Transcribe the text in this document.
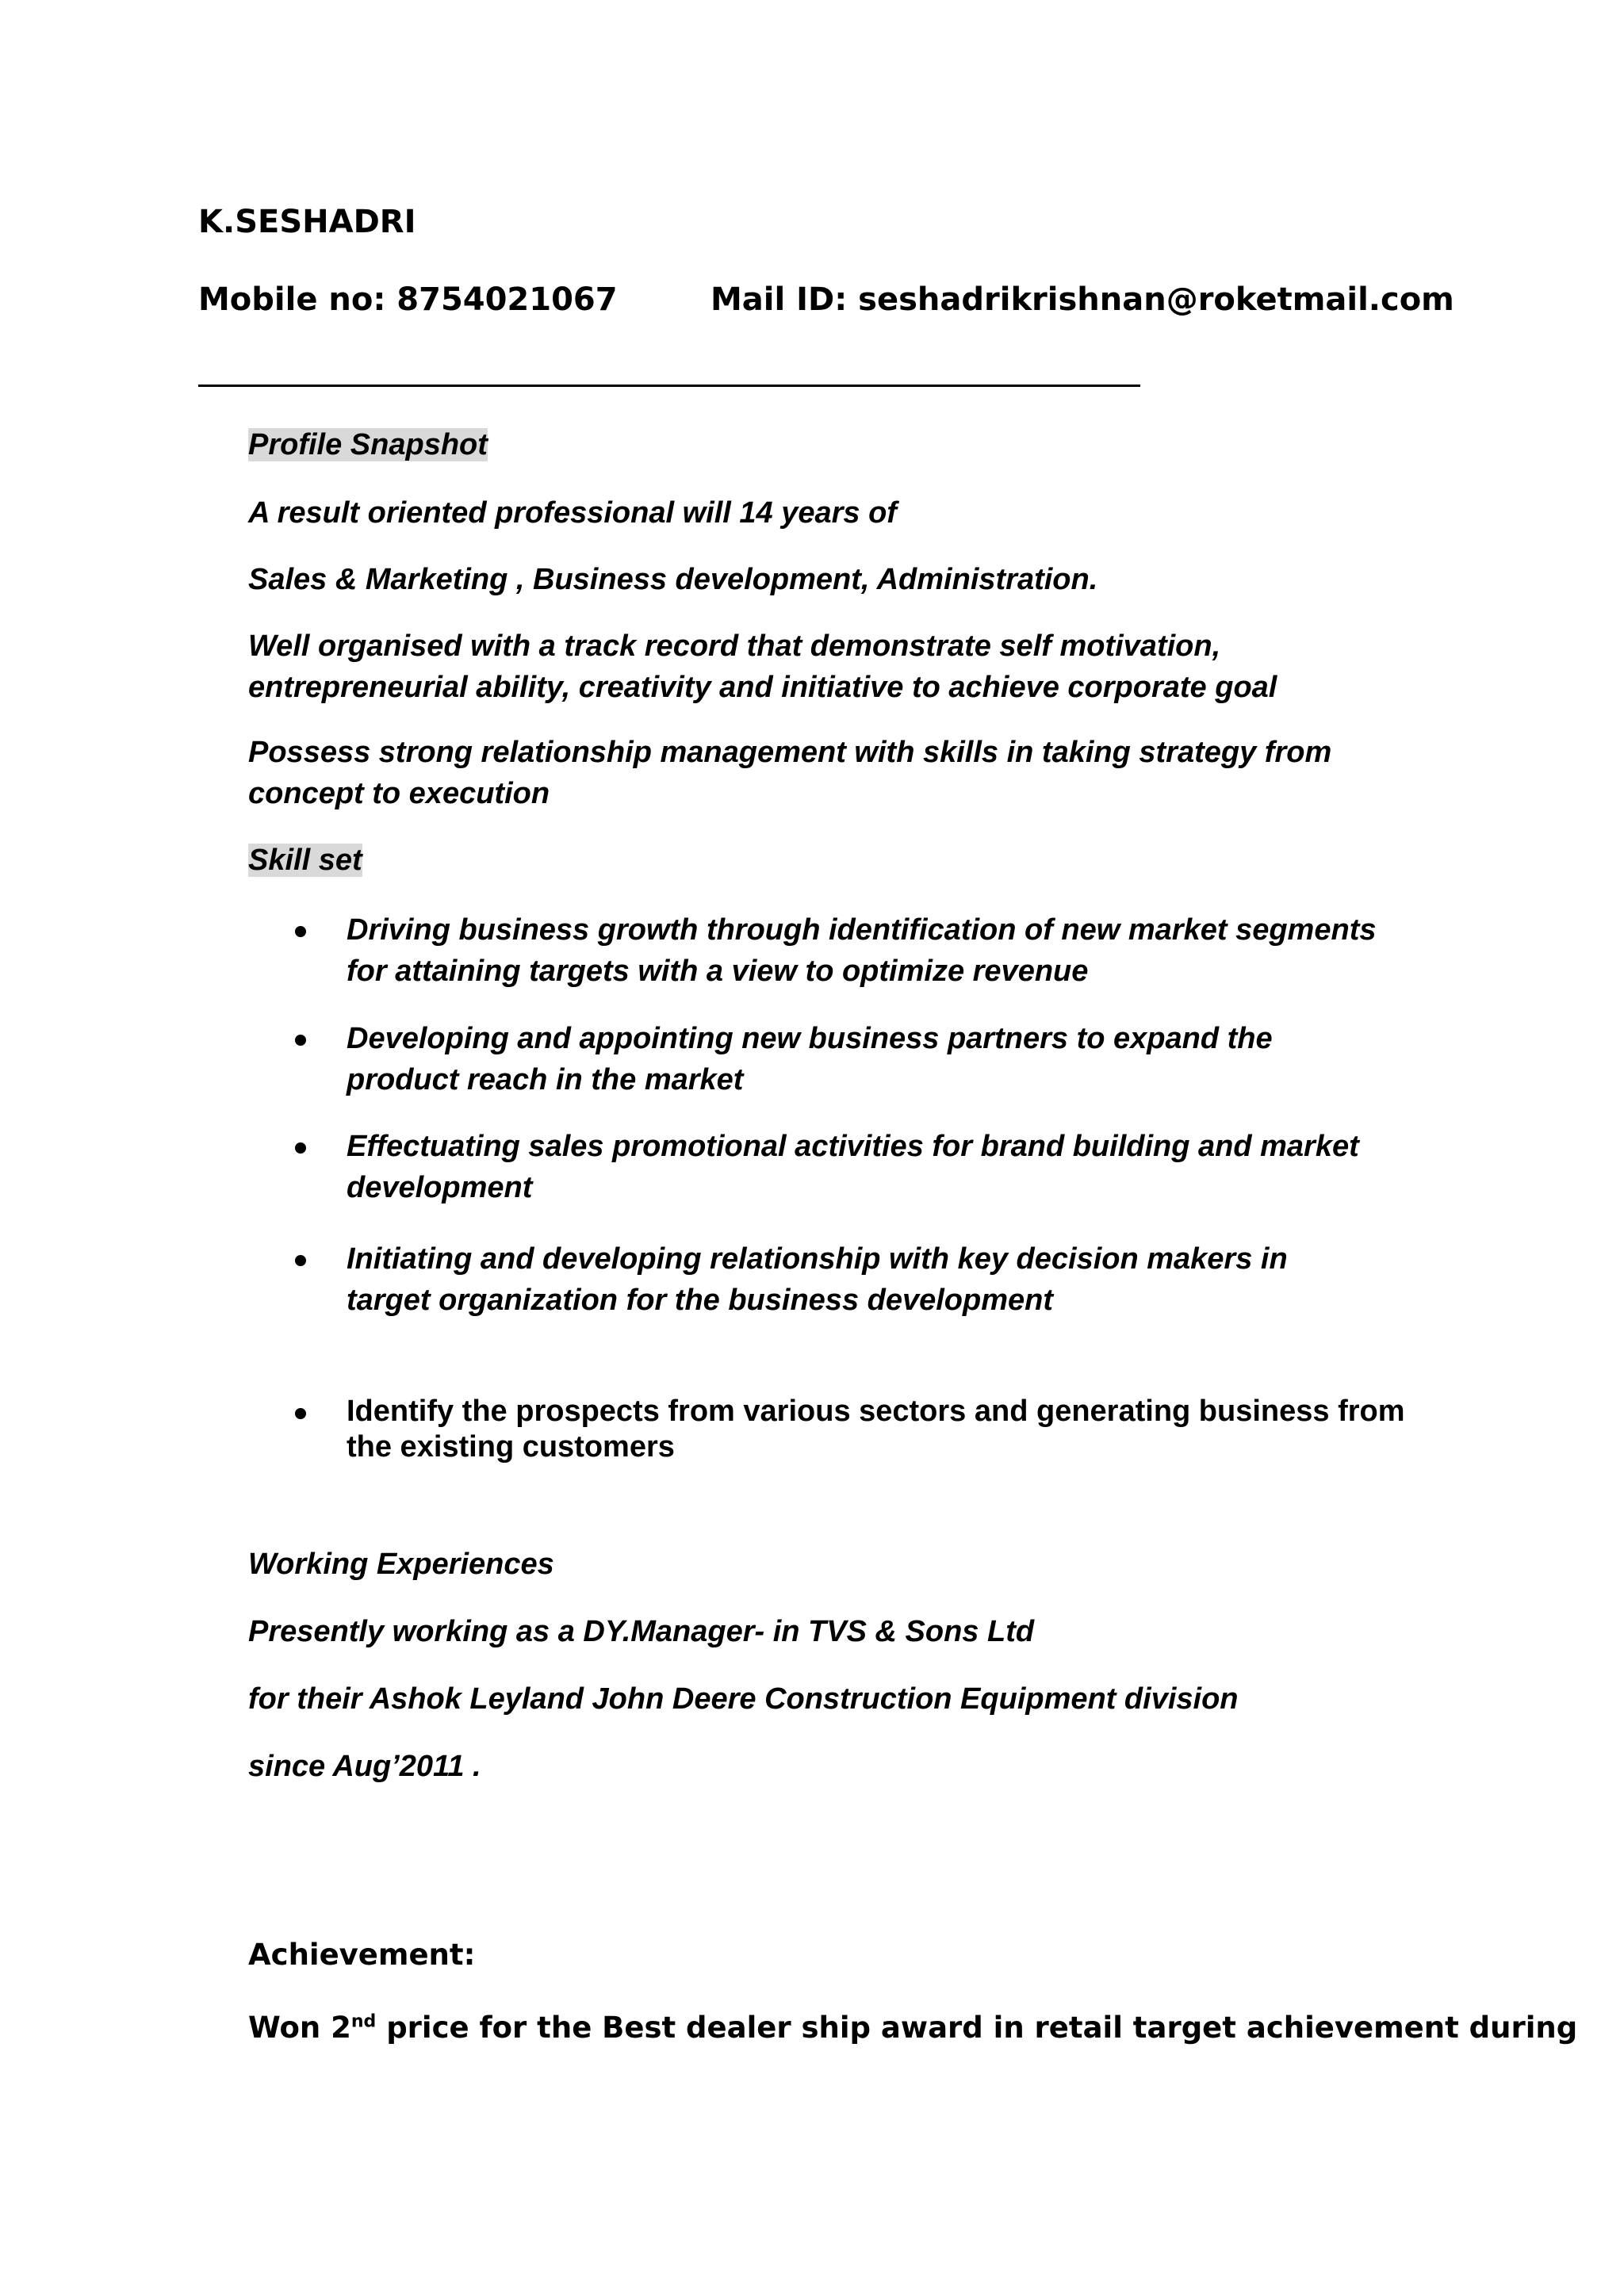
K.SESHADRI
Mobile no: 8754021067	Mail ID: seshadrikrishnan@roketmail.com
Profile Snapshot
A result oriented professional will 14 years of
Sales & Marketing , Business development, Administration.
Well organised with a track record that demonstrate self motivation,
entrepreneurial ability, creativity and initiative to achieve corporate goal
Possess strong relationship management with skills in taking strategy from
concept to execution
Skill set
Driving business growth through identification of new market segments
for attaining targets with a view to optimize revenue
Developing and appointing new business partners to expand the
product reach in the market
Effectuating sales promotional activities for brand building and market
development
Initiating and developing relationship with key decision makers in
target organization for the business development
Identify the prospects from various sectors and generating business from
the existing customers
Working Experiences
Presently working as a DY.Manager- in TVS & Sons Ltd
for their Ashok Leyland John Deere Construction Equipment division
since Aug’2011 .
Achievement:
Won 2nd price for the Best dealer ship award in retail target achievement during
